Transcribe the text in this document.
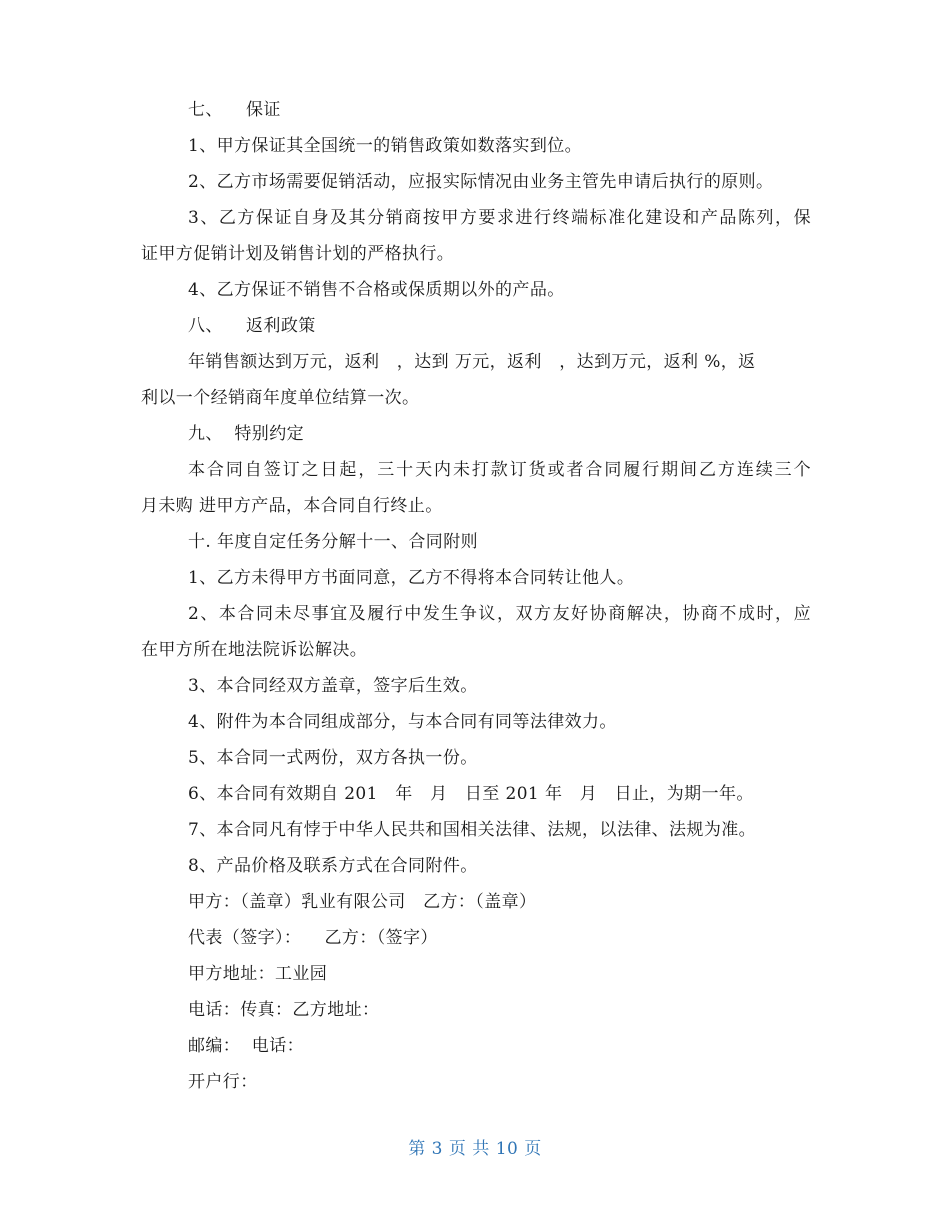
七、    保证
1、甲方保证其全国统一的销售政策如数落实到位。
2、乙方市场需要促销活动，应报实际情况由业务主管先申请后执行的原则。
3、乙方保证自身及其分销商按甲方要求进行终端标准化建设和产品陈列，保
证甲方促销计划及销售计划的严格执行。
4、乙方保证不销售不合格或保质期以外的产品。
八、    返利政策
年销售额达到万元，返利   ，达到 万元，返利   ，达到万元，返利 %，返
利以一个经销商年度单位结算一次。
九、  特别约定
本合同自签订之日起，三十天内未打款订货或者合同履行期间乙方连续三个
月未购 进甲方产品，本合同自行终止。
十. 年度自定任务分解十一、合同附则
1、乙方未得甲方书面同意，乙方不得将本合同转让他人。
2、本合同未尽事宜及履行中发生争议，双方友好协商解决，协商不成时，应
在甲方所在地法院诉讼解决。
3、本合同经双方盖章，签字后生效。
4、附件为本合同组成部分，与本合同有同等法律效力。
5、本合同一式两份，双方各执一份。
6、本合同有效期自 201   年   月   日至 201 年   月   日止，为期一年。
7、本合同凡有悖于中华人民共和国相关法律、法规，以法律、法规为准。
8、产品价格及联系方式在合同附件。
甲方：（盖章）乳业有限公司   乙方：（盖章）
代表（签字）：    乙方：（签字）
甲方地址：工业园
电话：传真：乙方地址：
邮编：  电话：
开户行：
第 3 页 共 10 页
